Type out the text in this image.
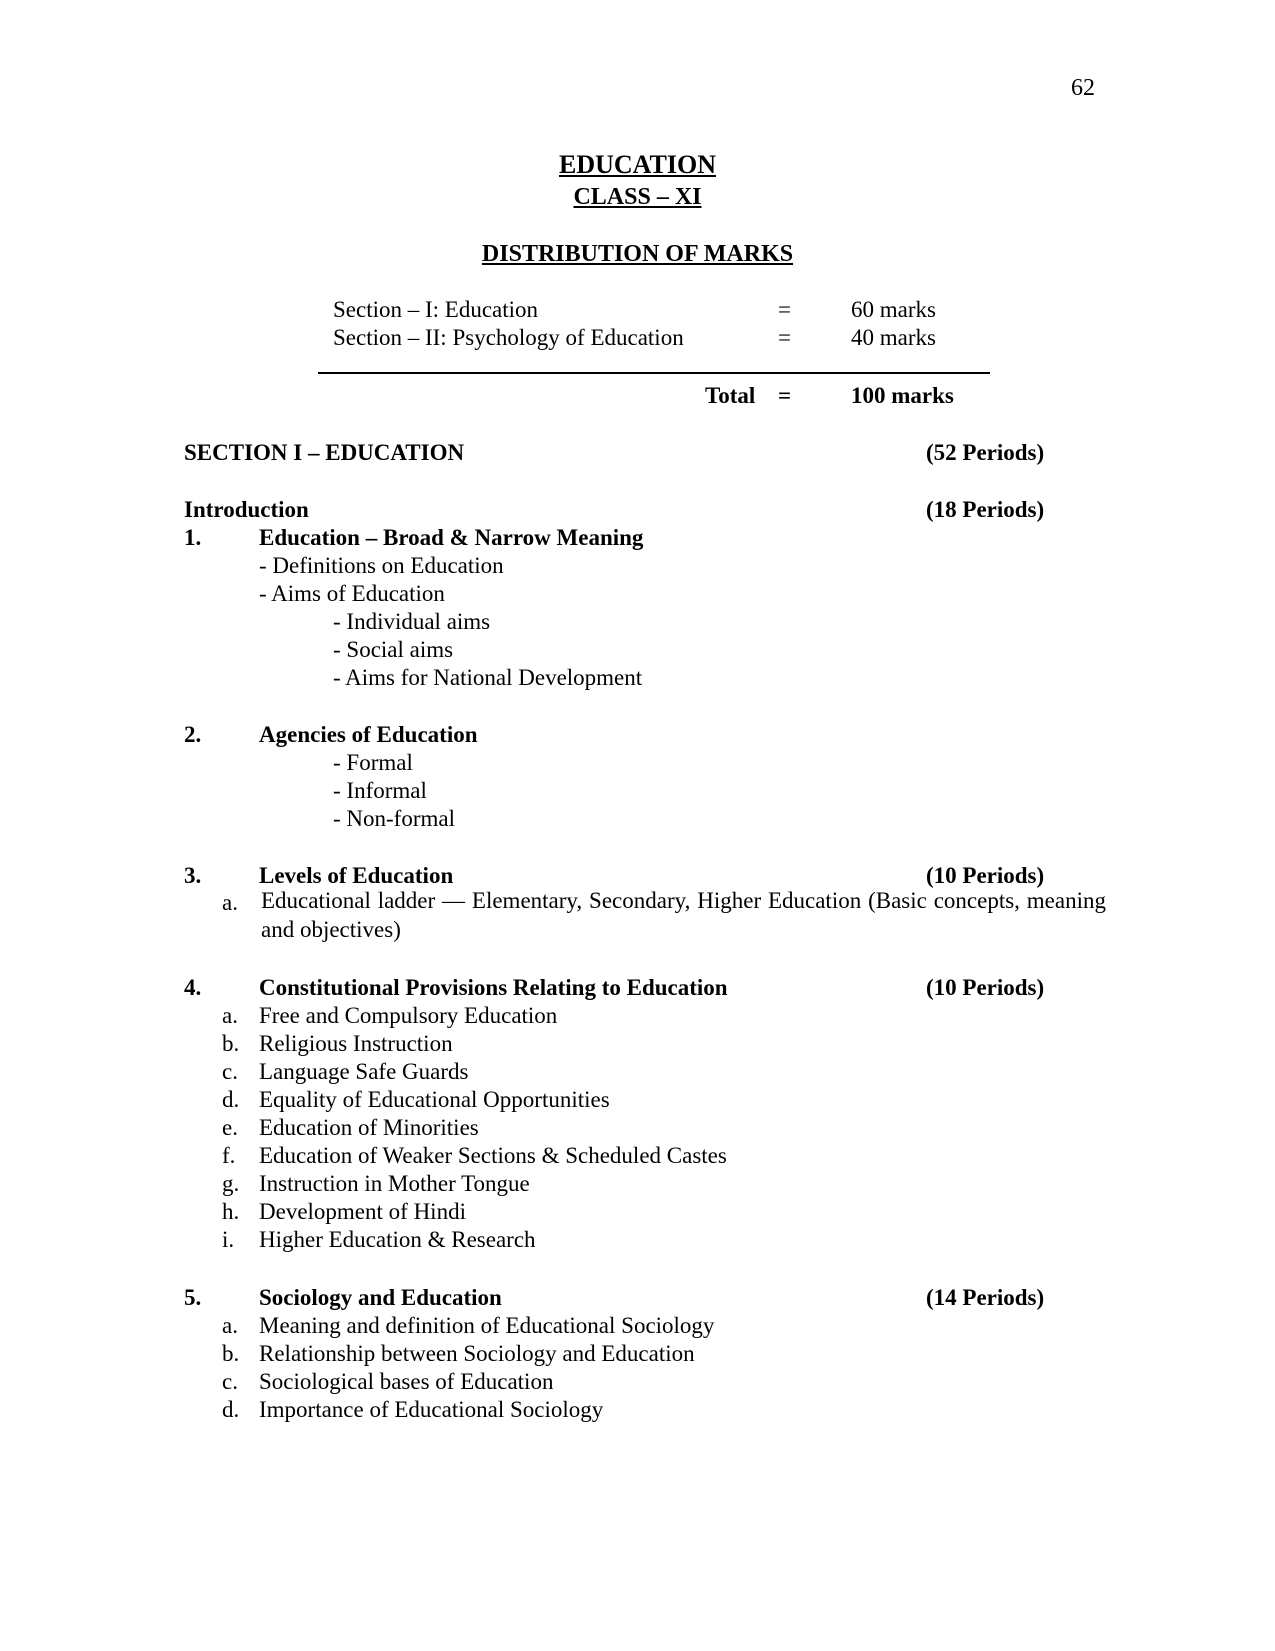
62
EDUCATION
CLASS – XI
DISTRIBUTION OF MARKS
Section – I: Education	=	60 marks
Section – II: Psychology of Education	=	40 marks
Total =	100 marks
SECTION I – EDUCATION	(52 Periods)
Introduction	(18 Periods)
1.	Education – Broad & Narrow Meaning
- Definitions on Education
- Aims of Education
- Individual aims
- Social aims
- Aims for National Development
2.	Agencies of Education
- Formal
- Informal
- Non-formal
3.	Levels of Education	(10 Periods)
a. Educational ladder — Elementary, Secondary, Higher Education (Basic concepts, meaning and objectives)
4.	Constitutional Provisions Relating to Education	(10 Periods)
a. Free and Compulsory Education
b. Religious Instruction
c. Language Safe Guards
d. Equality of Educational Opportunities
e. Education of Minorities
f. Education of Weaker Sections & Scheduled Castes
g. Instruction in Mother Tongue
h. Development of Hindi
i. Higher Education & Research
5.	Sociology and Education	(14 Periods)
a. Meaning and definition of Educational Sociology
b. Relationship between Sociology and Education
c. Sociological bases of Education
d. Importance of Educational Sociology
